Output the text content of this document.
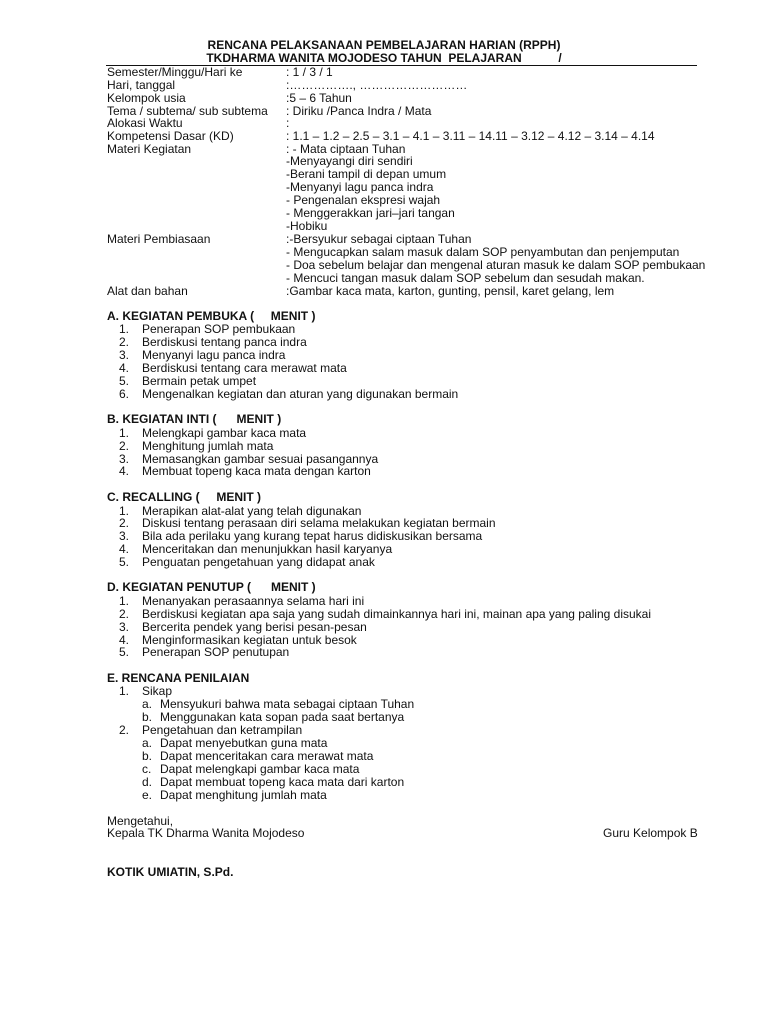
RENCANA PELAKSANAAN PEMBELAJARAN HARIAN (RPPH)
TKDHARMA WANITA MOJODESO TAHUN  PELAJARAN           /
Semester/Minggu/Hari ke	: 1 / 3 / 1
Hari, tanggal	:……………., ………………………
Kelompok usia	:5 – 6 Tahun
Tema / subtema/ sub subtema : Diriku /Panca Indra / Mata
Alokasi Waktu	:
Kompetensi Dasar (KD)	: 1.1 – 1.2 – 2.5 – 3.1 – 4.1 – 3.11 – 14.11 – 3.12 – 4.12 – 3.14 – 4.14
Materi Kegiatan	: - Mata ciptaan Tuhan
-Menyayangi diri sendiri
-Berani tampil di depan umum
-Menyanyi lagu panca indra
- Pengenalan ekspresi wajah
- Menggerakkan jari–jari tangan
-Hobiku
Materi Pembiasaan	:-Bersyukur sebagai ciptaan Tuhan
- Mengucapkan salam masuk dalam SOP penyambutan dan penjemputan
- Doa sebelum belajar dan mengenal aturan masuk ke dalam SOP pembukaan
- Mencuci tangan masuk dalam SOP sebelum dan sesudah makan.
Alat dan bahan	:Gambar kaca mata, karton, gunting, pensil, karet gelang, lem
A. KEGIATAN PEMBUKA (     MENIT )
1. Penerapan SOP pembukaan
2. Berdiskusi tentang panca indra
3. Menyanyi lagu panca indra
4. Berdiskusi tentang cara merawat mata
5. Bermain petak umpet
6. Mengenalkan kegiatan dan aturan yang digunakan bermain
B. KEGIATAN INTI (      MENIT )
1. Melengkapi gambar kaca mata
2. Menghitung jumlah mata
3. Memasangkan gambar sesuai pasangannya
4. Membuat topeng kaca mata dengan karton
C. RECALLING (     MENIT )
1. Merapikan alat-alat yang telah digunakan
2. Diskusi tentang perasaan diri selama melakukan kegiatan bermain
3. Bila ada perilaku yang kurang tepat harus didiskusikan bersama
4. Menceritakan dan menunjukkan hasil karyanya
5. Penguatan pengetahuan yang didapat anak
D. KEGIATAN PENUTUP (      MENIT )
1. Menanyakan perasaannya selama hari ini
2. Berdiskusi kegiatan apa saja yang sudah dimainkannya hari ini, mainan apa yang paling disukai
3. Bercerita pendek yang berisi pesan-pesan
4. Menginformasikan kegiatan untuk besok
5. Penerapan SOP penutupan
E. RENCANA PENILAIAN
1. Sikap
a. Mensyukuri bahwa mata sebagai ciptaan Tuhan
b. Menggunakan kata sopan pada saat bertanya
2. Pengetahuan dan ketrampilan
a. Dapat menyebutkan guna mata
b. Dapat menceritakan cara merawat mata
c. Dapat melengkapi gambar kaca mata
d. Dapat membuat topeng kaca mata dari karton
e. Dapat menghitung jumlah mata
Mengetahui,
Kepala TK Dharma Wanita Mojodeso	Guru Kelompok B
KOTIK UMIATIN, S.Pd.
